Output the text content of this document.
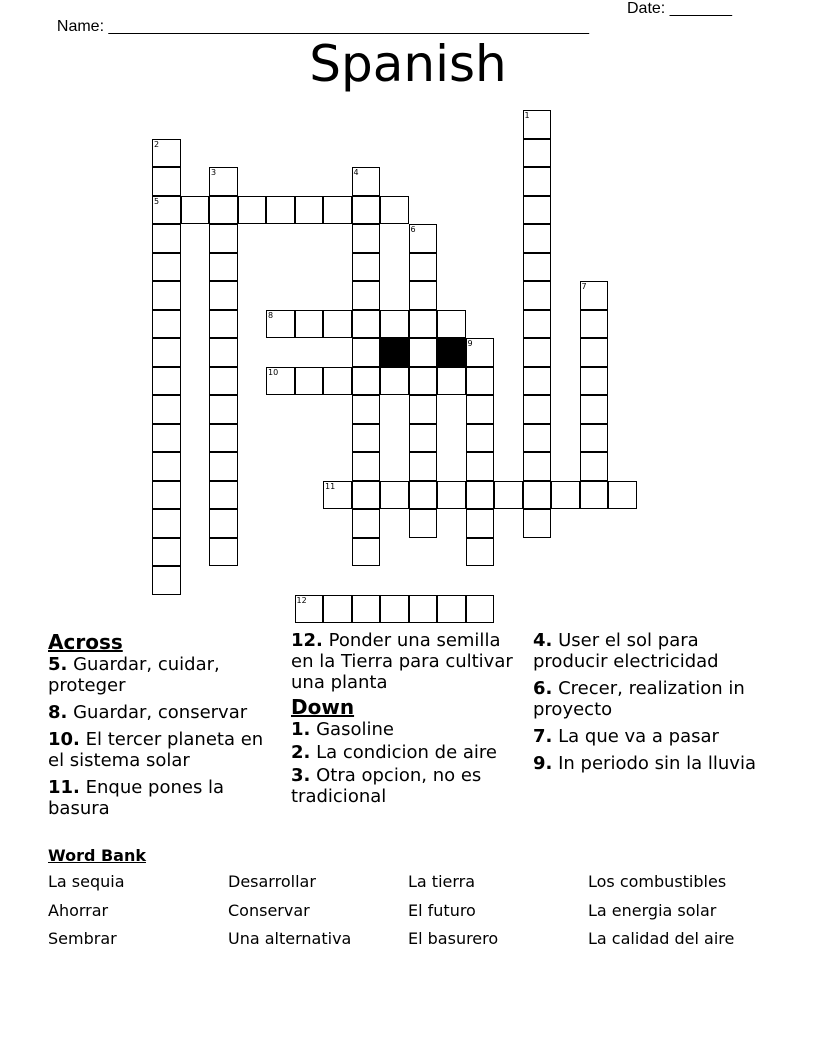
Name: ______________________________________________________

Date: _______

Spanish
1
2
5
3	4
6
7
8
9
10
11
12

Across

5. Guardar, cuidar, proteger

8. Guardar, conservar

10. El tercer planeta en el sistema solar

11. Enque pones la basura

12. Ponder una semilla en la Tierra para cultivar una planta

Down

1. Gasoline

2. La condicion de aire

3. Otra opcion, no es tradicional

4. User el sol para producir electricidad

6. Crecer, realization in proyecto

7. La que va a pasar

9. In periodo sin la lluvia

Word Bank
La sequia	Desarrollar	La tierra	Los combustibles
Ahorrar	Conservar	El futuro	La energia solar
Sembrar	Una alternativa	El basurero	La calidad del aire
